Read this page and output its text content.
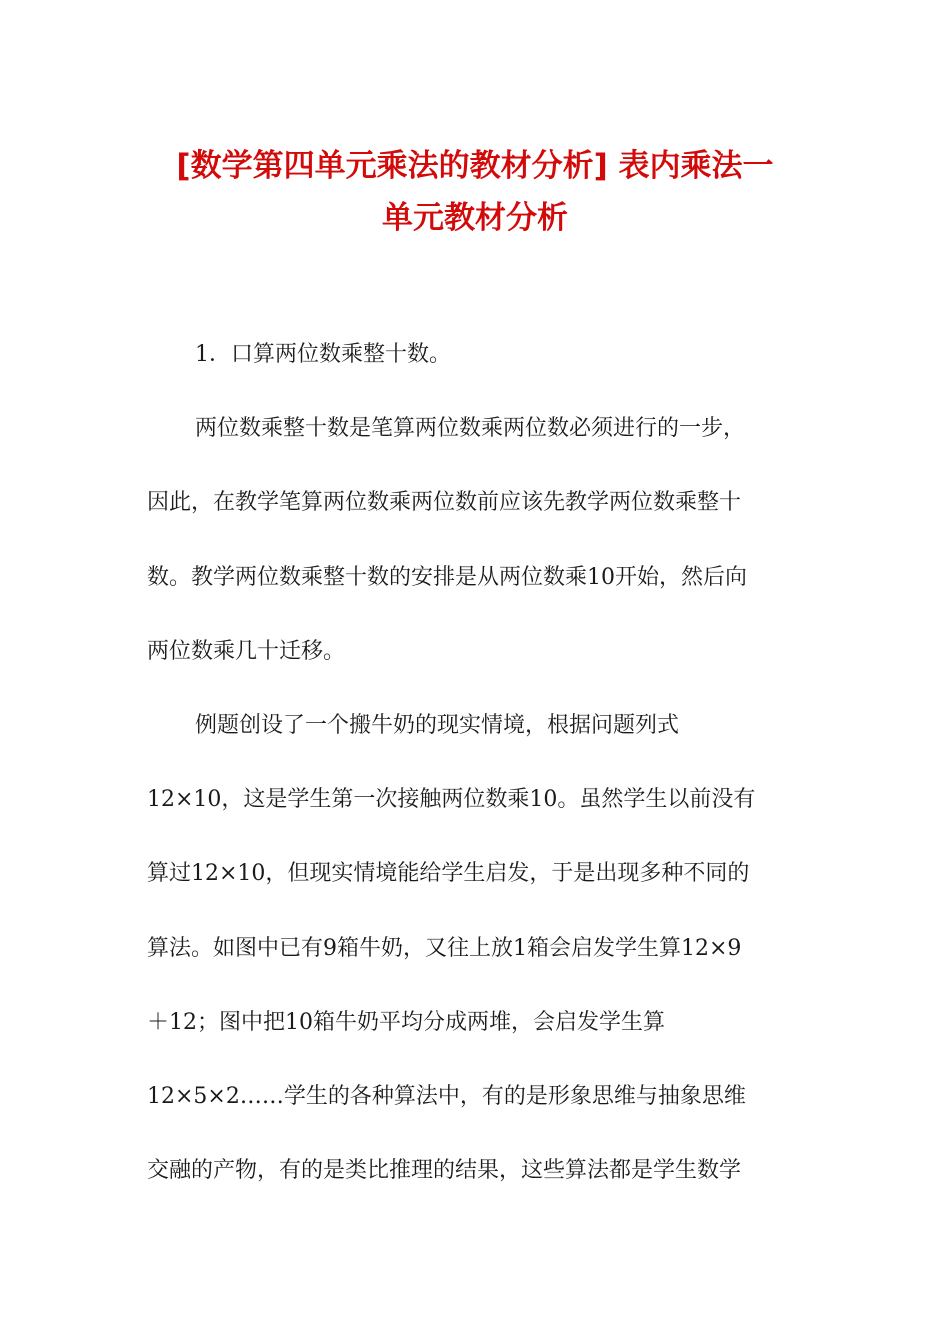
[数学第四单元乘法的教材分析] 表内乘法一
单元教材分析
1．口算两位数乘整十数。
两位数乘整十数是笔算两位数乘两位数必须进行的一步，
因此，在教学笔算两位数乘两位数前应该先教学两位数乘整十
数。教学两位数乘整十数的安排是从两位数乘10开始，然后向
两位数乘几十迁移。
例题创设了一个搬牛奶的现实情境，根据问题列式
12×10，这是学生第一次接触两位数乘10。虽然学生以前没有
算过12×10，但现实情境能给学生启发，于是出现多种不同的
算法。如图中已有9箱牛奶，又往上放1箱会启发学生算12×9
＋12；图中把10箱牛奶平均分成两堆，会启发学生算
12×5×2……学生的各种算法中，有的是形象思维与抽象思维
交融的产物，有的是类比推理的结果，这些算法都是学生数学
